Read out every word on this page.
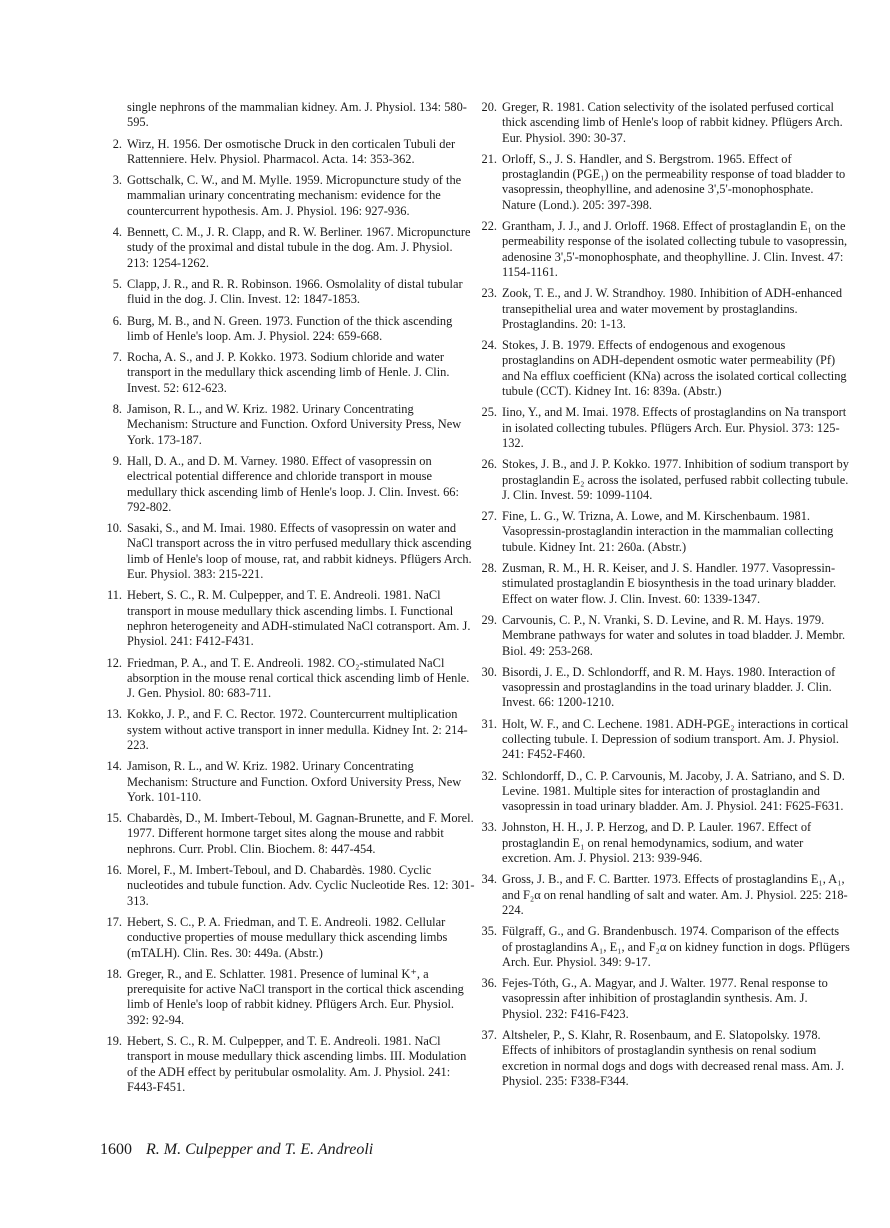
single nephrons of the mammalian kidney. Am. J. Physiol. 134: 580-595.
2. Wirz, H. 1956. Der osmotische Druck in den corticalen Tubuli der Rattenniere. Helv. Physiol. Pharmacol. Acta. 14: 353-362.
3. Gottschalk, C. W., and M. Mylle. 1959. Micropuncture study of the mammalian urinary concentrating mechanism: evidence for the countercurrent hypothesis. Am. J. Physiol. 196: 927-936.
4. Bennett, C. M., J. R. Clapp, and R. W. Berliner. 1967. Micropuncture study of the proximal and distal tubule in the dog. Am. J. Physiol. 213: 1254-1262.
5. Clapp, J. R., and R. R. Robinson. 1966. Osmolality of distal tubular fluid in the dog. J. Clin. Invest. 12: 1847-1853.
6. Burg, M. B., and N. Green. 1973. Function of the thick ascending limb of Henle's loop. Am. J. Physiol. 224: 659-668.
7. Rocha, A. S., and J. P. Kokko. 1973. Sodium chloride and water transport in the medullary thick ascending limb of Henle. J. Clin. Invest. 52: 612-623.
8. Jamison, R. L., and W. Kriz. 1982. Urinary Concentrating Mechanism: Structure and Function. Oxford University Press, New York. 173-187.
9. Hall, D. A., and D. M. Varney. 1980. Effect of vasopressin on electrical potential difference and chloride transport in mouse medullary thick ascending limb of Henle's loop. J. Clin. Invest. 66: 792-802.
10. Sasaki, S., and M. Imai. 1980. Effects of vasopressin on water and NaCl transport across the in vitro perfused medullary thick ascending limb of Henle's loop of mouse, rat, and rabbit kidneys. Pflügers Arch. Eur. Physiol. 383: 215-221.
11. Hebert, S. C., R. M. Culpepper, and T. E. Andreoli. 1981. NaCl transport in mouse medullary thick ascending limbs. I. Functional nephron heterogeneity and ADH-stimulated NaCl cotransport. Am. J. Physiol. 241: F412-F431.
12. Friedman, P. A., and T. E. Andreoli. 1982. CO₂-stimulated NaCl absorption in the mouse renal cortical thick ascending limb of Henle. J. Gen. Physiol. 80: 683-711.
13. Kokko, J. P., and F. C. Rector. 1972. Countercurrent multiplication system without active transport in inner medulla. Kidney Int. 2: 214-223.
14. Jamison, R. L., and W. Kriz. 1982. Urinary Concentrating Mechanism: Structure and Function. Oxford University Press, New York. 101-110.
15. Chabardès, D., M. Imbert-Teboul, M. Gagnan-Brunette, and F. Morel. 1977. Different hormone target sites along the mouse and rabbit nephrons. Curr. Probl. Clin. Biochem. 8: 447-454.
16. Morel, F., M. Imbert-Teboul, and D. Chabardès. 1980. Cyclic nucleotides and tubule function. Adv. Cyclic Nucleotide Res. 12: 301-313.
17. Hebert, S. C., P. A. Friedman, and T. E. Andreoli. 1982. Cellular conductive properties of mouse medullary thick ascending limbs (mTALH). Clin. Res. 30: 449a. (Abstr.)
18. Greger, R., and E. Schlatter. 1981. Presence of luminal K⁺, a prerequisite for active NaCl transport in the cortical thick ascending limb of Henle's loop of rabbit kidney. Pflügers Arch. Eur. Physiol. 392: 92-94.
19. Hebert, S. C., R. M. Culpepper, and T. E. Andreoli. 1981. NaCl transport in mouse medullary thick ascending limbs. III. Modulation of the ADH effect by peritubular osmolality. Am. J. Physiol. 241: F443-F451.
20. Greger, R. 1981. Cation selectivity of the isolated perfused cortical thick ascending limb of Henle's loop of rabbit kidney. Pflügers Arch. Eur. Physiol. 390: 30-37.
21. Orloff, S., J. S. Handler, and S. Bergstrom. 1965. Effect of prostaglandin (PGE₁) on the permeability response of toad bladder to vasopressin, theophylline, and adenosine 3',5'-monophosphate. Nature (Lond.). 205: 397-398.
22. Grantham, J. J., and J. Orloff. 1968. Effect of prostaglandin E₁ on the permeability response of the isolated collecting tubule to vasopressin, adenosine 3',5'-monophosphate, and theophylline. J. Clin. Invest. 47: 1154-1161.
23. Zook, T. E., and J. W. Strandhoy. 1980. Inhibition of ADH-enhanced transepithelial urea and water movement by prostaglandins. Prostaglandins. 20: 1-13.
24. Stokes, J. B. 1979. Effects of endogenous and exogenous prostaglandins on ADH-dependent osmotic water permeability (Pf) and Na efflux coefficient (KNa) across the isolated cortical collecting tubule (CCT). Kidney Int. 16: 839a. (Abstr.)
25. Iino, Y., and M. Imai. 1978. Effects of prostaglandins on Na transport in isolated collecting tubules. Pflügers Arch. Eur. Physiol. 373: 125-132.
26. Stokes, J. B., and J. P. Kokko. 1977. Inhibition of sodium transport by prostaglandin E₂ across the isolated, perfused rabbit collecting tubule. J. Clin. Invest. 59: 1099-1104.
27. Fine, L. G., W. Trizna, A. Lowe, and M. Kirschenbaum. 1981. Vasopressin-prostaglandin interaction in the mammalian collecting tubule. Kidney Int. 21: 260a. (Abstr.)
28. Zusman, R. M., H. R. Keiser, and J. S. Handler. 1977. Vasopressin-stimulated prostaglandin E biosynthesis in the toad urinary bladder. Effect on water flow. J. Clin. Invest. 60: 1339-1347.
29. Carvounis, C. P., N. Vranki, S. D. Levine, and R. M. Hays. 1979. Membrane pathways for water and solutes in toad bladder. J. Membr. Biol. 49: 253-268.
30. Bisordi, J. E., D. Schlondorff, and R. M. Hays. 1980. Interaction of vasopressin and prostaglandins in the toad urinary bladder. J. Clin. Invest. 66: 1200-1210.
31. Holt, W. F., and C. Lechene. 1981. ADH-PGE₂ interactions in cortical collecting tubule. I. Depression of sodium transport. Am. J. Physiol. 241: F452-F460.
32. Schlondorff, D., C. P. Carvounis, M. Jacoby, J. A. Satriano, and S. D. Levine. 1981. Multiple sites for interaction of prostaglandin and vasopressin in toad urinary bladder. Am. J. Physiol. 241: F625-F631.
33. Johnston, H. H., J. P. Herzog, and D. P. Lauler. 1967. Effect of prostaglandin E₁ on renal hemodynamics, sodium, and water excretion. Am. J. Physiol. 213: 939-946.
34. Gross, J. B., and F. C. Bartter. 1973. Effects of prostaglandins E₁, A₁, and F₂α on renal handling of salt and water. Am. J. Physiol. 225: 218-224.
35. Fülgraff, G., and G. Brandenbusch. 1974. Comparison of the effects of prostaglandins A₁, E₁, and F₂α on kidney function in dogs. Pflügers Arch. Eur. Physiol. 349: 9-17.
36. Fejes-Tóth, G., A. Magyar, and J. Walter. 1977. Renal response to vasopressin after inhibition of prostaglandin synthesis. Am. J. Physiol. 232: F416-F423.
37. Altsheler, P., S. Klahr, R. Rosenbaum, and E. Slatopolsky. 1978. Effects of inhibitors of prostaglandin synthesis on renal sodium excretion in normal dogs and dogs with decreased renal mass. Am. J. Physiol. 235: F338-F344.
1600 R. M. Culpepper and T. E. Andreoli
